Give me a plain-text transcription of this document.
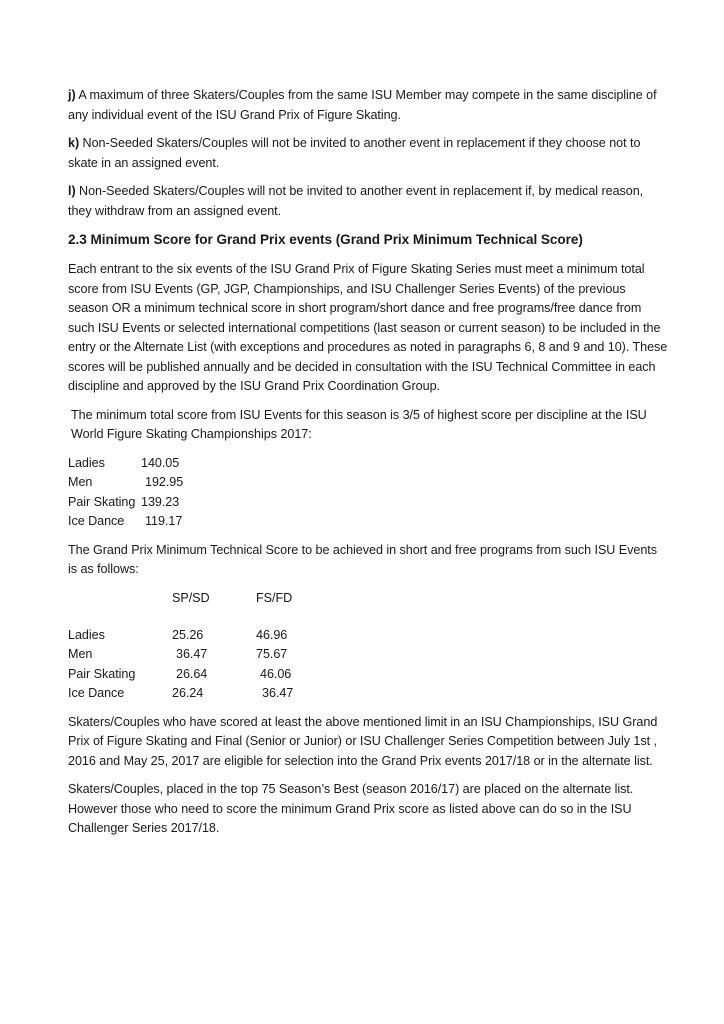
j) A maximum of three Skaters/Couples from the same ISU Member may compete in the same discipline of any individual event of the ISU Grand Prix of Figure Skating.

k) Non-Seeded Skaters/Couples will not be invited to another event in replacement if they choose not to skate in an assigned event.

l) Non-Seeded Skaters/Couples will not be invited to another event in replacement if, by medical reason, they withdraw from an assigned event.

2.3 Minimum Score for Grand Prix events (Grand Prix Minimum Technical Score)

Each entrant to the six events of the ISU Grand Prix of Figure Skating Series must meet a minimum total score from ISU Events (GP, JGP, Championships, and ISU Challenger Series Events) of the previous season OR a minimum technical score in short program/short dance and free programs/free dance from such ISU Events or selected international competitions (last season or current season) to be included in the entry or the Alternate List (with exceptions and procedures as noted in paragraphs 6, 8 and 9 and 10). These scores will be published annually and be decided in consultation with the ISU Technical Committee in each discipline and approved by the ISU Grand Prix Coordination Group.

The minimum total score from ISU Events for this season is 3/5 of highest score per discipline at the ISU World Figure Skating Championships 2017:

Ladies	140.05
Men	192.95
Pair Skating	139.23
Ice Dance	119.17

The Grand Prix Minimum Technical Score to be achieved in short and free programs from such ISU Events is as follows:

	SP/SD	FS/FD

Ladies	25.26	46.96
Men	36.47	75.67
Pair Skating	26.64	46.06
Ice Dance	26.24	36.47

Skaters/Couples who have scored at least the above mentioned limit in an ISU Championships, ISU Grand Prix of Figure Skating and Final (Senior or Junior) or ISU Challenger Series Competition between July 1st , 2016 and May 25, 2017 are eligible for selection into the Grand Prix events 2017/18 or in the alternate list.

Skaters/Couples, placed in the top 75 Season’s Best (season 2016/17) are placed on the alternate list. However those who need to score the minimum Grand Prix score as listed above can do so in the ISU Challenger Series 2017/18.
